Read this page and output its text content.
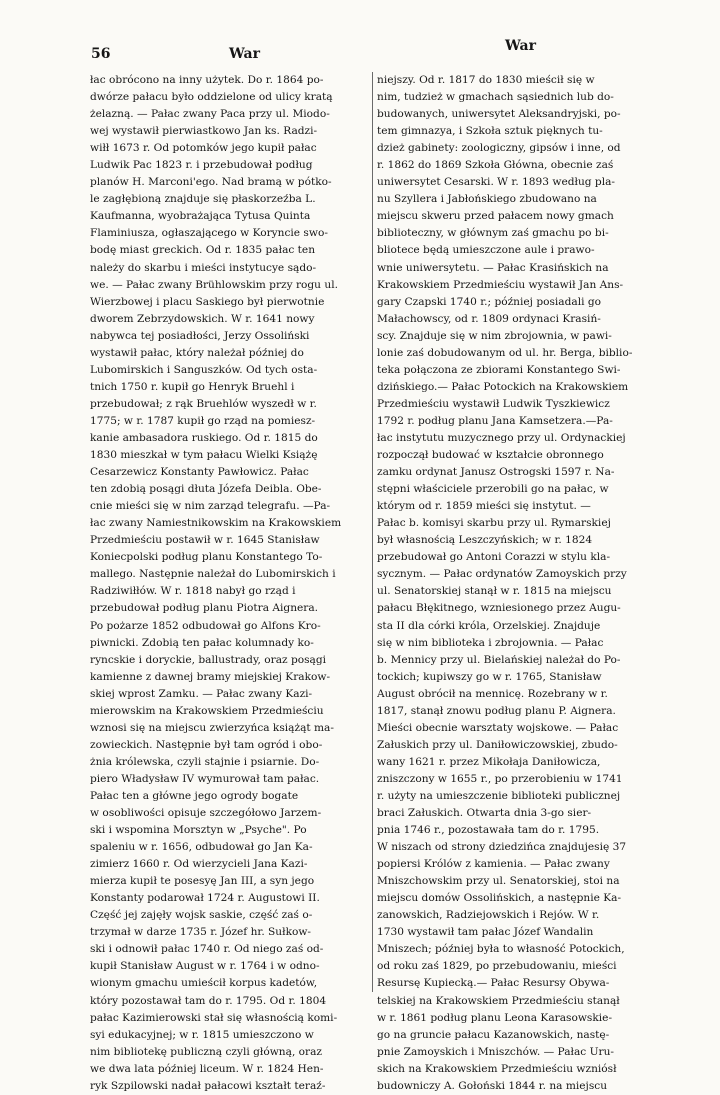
56	War	War
łac obrócono na inny użytek. Do r. 1864 po-
dwórze pałacu było oddzielone od ulicy kratą
żelazną. — Pałac zwany Paca przy ul. Miodo-
wej wystawił pierwiastkowo Jan ks. Radzi-
wiłł 1673 r. Od potomków jego kupił pałac
Ludwik Pac 1823 r. i przebudował podług
planów H. Marconi'ego. Nad bramą w pótko-
le zagłębioną znajduje się płaskorzeźba L.
Kaufmanna, wyobrażająca Tytusa Quinta
Flaminiusza, ogłaszającego w Koryncie swo-
bodę miast greckich. Od r. 1835 pałac ten
należy do skarbu i mieści instytucye sądo-
we. — Pałac zwany Brühlowskim przy rogu ul.
Wierzbowej i placu Saskiego był pierwotnie
dworem Zebrzydowskich. W r. 1641 nowy
nabywca tej posiadłości, Jerzy Ossoliński
wystawił pałac, który należał później do
Lubomirskich i Sanguszków. Od tych osta-
tnich 1750 r. kupił go Henryk Bruehl i
przebudował; z rąk Bruehlów wyszedł w r.
1775; w r. 1787 kupił go rząd na pomiesz-
kanie ambasadora ruskiego. Od r. 1815 do
1830 mieszkał w tym pałacu Wielki Książę
Cesarzewicz Konstanty Pawłowicz. Pałac
ten zdobią posągi dłuta Józefa Deibla. Obe-
cnie mieści się w nim zarząd telegrafu. —Pa-
łac zwany Namiestnikowskim na Krakowskiem
Przedmieściu postawił w r. 1645 Stanisław
Koniecpolski podług planu Konstantego To-
mallego. Następnie należał do Lubomirskich i
Radziwiłłów. W r. 1818 nabył go rząd i
przebudował podług planu Piotra Aignera.
Po pożarze 1852 odbudował go Alfons Kro-
piwnicki. Zdobią ten pałac kolumnady ko-
ryncskie i doryckie, ballustrady, oraz posągi
kamienne z dawnej bramy miejskiej Krakow-
skiej wprost Zamku. — Pałac zwany Kazi-
mierowskim na Krakowskiem Przedmieściu
wznosi się na miejscu zwierzyńca książąt ma-
zowieckich. Następnie był tam ogród i obo-
żnia królewska, czyli stajnie i psiarnie. Do-
piero Władysław IV wymurował tam pałac.
Pałac ten a główne jego ogrody bogate
w osobliwości opisuje szczegółowo Jarzem-
ski i wspomina Morsztyn w „Psyche". Po
spaleniu w r. 1656, odbudował go Jan Ka-
zimierz 1660 r. Od wierzycieli Jana Kazi-
mierza kupił te posesyę Jan III, a syn jego
Konstanty podarował 1724 r. Augustowi II.
Część jej zajęły wojsk saskie, część zaś o-
trzymał w darze 1735 r. Józef hr. Sułkow-
ski i odnowił pałac 1740 r. Od niego zaś od-
kupił Stanisław August w r. 1764 i w odno-
wionym gmachu umieścił korpus kadetów,
który pozostawał tam do r. 1795. Od r. 1804
pałac Kazimierowski stał się własnością komi-
syi edukacyjnej; w r. 1815 umieszczono w
nim bibliotekę publiczną czyli główną, oraz
we dwa lata później liceum. W r. 1824 Hen-
ryk Szpilowski nadał pałacowi kształt teraź-
niejszy. Od r. 1817 do 1830 mieścił się w
nim, tudzież w gmachach sąsiednich lub do-
budowanych, uniwersytet Aleksandryjski, po-
tem gimnazya, i Szkoła sztuk pięknych tu-
dzież gabinety: zoologiczny, gipsów i inne, od
r. 1862 do 1869 Szkoła Główna, obecnie zaś
uniwersytet Cesarski. W r. 1893 według pla-
nu Szyllera i Jabłońskiego zbudowano na
miejscu skweru przed pałacem nowy gmach
biblioteczny, w głównym zaś gmachu po bi-
bliotece będą umieszczone aule i prawo-
wnie uniwersytetu. — Pałac Krasińskich na
Krakowskiem Przedmieściu wystawił Jan Ans-
gary Czapski 1740 r.; później posiadali go
Małachowscy, od r. 1809 ordynaci Krasiń-
scy. Znajduje się w nim zbrojownia, w pawi-
lonie zaś dobudowanym od ul. hr. Berga, biblio-
teka połączona ze zbiorami Konstantego Swi-
dzińskiego.— Pałac Potockich na Krakowskiem
Przedmieściu wystawił Ludwik Tyszkiewicz
1792 r. podług planu Jana Kamsetzera.—Pa-
łac instytutu muzycznego przy ul. Ordynackiej
rozpoczął budować w kształcie obronnego
zamku ordynat Janusz Ostrogski 1597 r. Na-
stępni właściciele przerobili go na pałac, w
którym od r. 1859 mieści się instytut. —
Pałac b. komisyi skarbu przy ul. Rymarskiej
był własnością Leszczyńskich; w r. 1824
przebudował go Antoni Corazzi w stylu kla-
sycznym. — Pałac ordynatów Zamoyskich przy
ul. Senatorskiej stanął w r. 1815 na miejscu
pałacu Błękitnego, wzniesionego przez Augu-
sta II dla córki króla, Orzelskiej. Znajduje
się w nim biblioteka i zbrojownia. — Pałac
b. Mennicy przy ul. Bielańskiej należał do Po-
tockich; kupiwszy go w r. 1765, Stanisław
August obrócił na mennicę. Rozebrany w r.
1817, stanął znowu podług planu P. Aignera.
Mieści obecnie warsztaty wojskowe. — Pałac
Załuskich przy ul. Daniłowiczowskiej, zbudo-
wany 1621 r. przez Mikołaja Daniłowicza,
zniszczony w 1655 r., po przerobieniu w 1741
r. użyty na umieszczenie biblioteki publicznej
braci Załuskich. Otwarta dnia 3-go sier-
pnia 1746 r., pozostawała tam do r. 1795.
W niszach od strony dziedzińca znajdujesię 37
popiersi Królów z kamienia. — Pałac zwany
Mniszchowskim przy ul. Senatorskiej, stoi na
miejscu domów Ossolińskich, a następnie Ka-
zanowskich, Radziejowskich i Rejów. W r.
1730 wystawił tam pałac Józef Wandalin
Mniszech; później była to własność Potockich,
od roku zaś 1829, po przebudowaniu, mieści
Resursę Kupiecką.— Pałac Resursy Obywa-
telskiej na Krakowskiem Przedmieściu stanął
w r. 1861 podług planu Leona Karasowskie-
go na gruncie pałacu Kazanowskich, nastę-
pnie Zamoyskich i Mniszchów. — Pałac Uru-
skich na Krakowskiem Przedmieściu wzniósł
budowniczy A. Gołoński 1844 r. na miejscu
